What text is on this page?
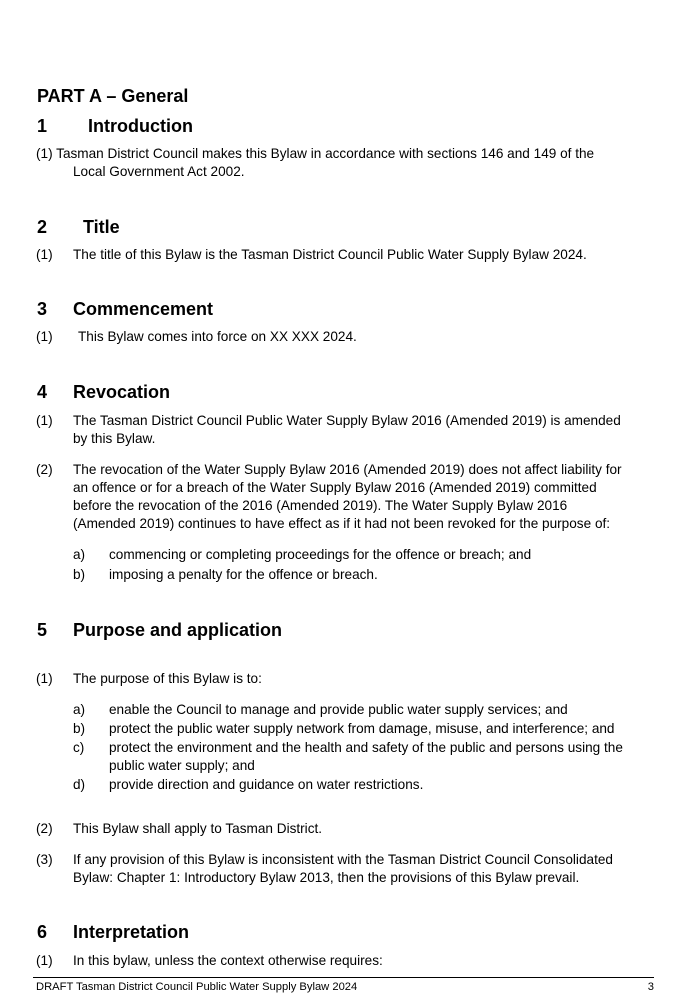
PART A – General
1 Introduction
(1) Tasman District Council makes this Bylaw in accordance with sections 146 and 149 of the
Local Government Act 2002.
2 Title
(1) The title of this Bylaw is the Tasman District Council Public Water Supply Bylaw 2024.
3 Commencement
(1) This Bylaw comes into force on XX XXX 2024.
4 Revocation
(1) The Tasman District Council Public Water Supply Bylaw 2016 (Amended 2019) is amended
by this Bylaw.
(2) The revocation of the Water Supply Bylaw 2016 (Amended 2019) does not affect liability for
an offence or for a breach of the Water Supply Bylaw 2016 (Amended 2019) committed
before the revocation of the 2016 (Amended 2019). The Water Supply Bylaw 2016
(Amended 2019) continues to have effect as if it had not been revoked for the purpose of:
a) commencing or completing proceedings for the offence or breach; and
b) imposing a penalty for the offence or breach.
5 Purpose and application
(1) The purpose of this Bylaw is to:
a) enable the Council to manage and provide public water supply services; and
b) protect the public water supply network from damage, misuse, and interference; and
c) protect the environment and the health and safety of the public and persons using the
public water supply; and
d) provide direction and guidance on water restrictions.
(2) This Bylaw shall apply to Tasman District.
(3) If any provision of this Bylaw is inconsistent with the Tasman District Council Consolidated
Bylaw: Chapter 1: Introductory Bylaw 2013, then the provisions of this Bylaw prevail.
6 Interpretation
(1) In this bylaw, unless the context otherwise requires:
DRAFT Tasman District Council Public Water Supply Bylaw 2024	3
